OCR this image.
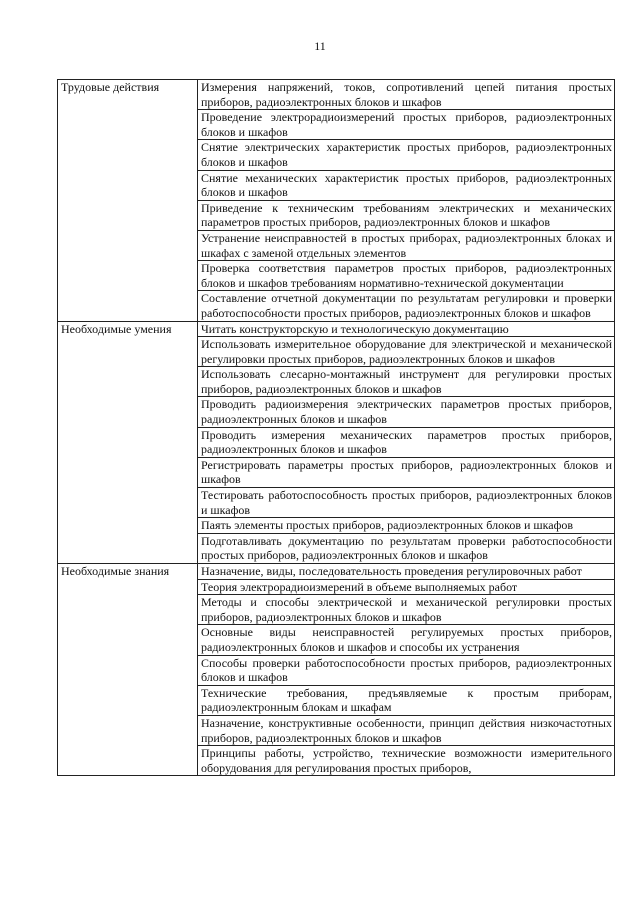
11
Трудовые действия	Измерения напряжений, токов, сопротивлений цепей питания простых приборов, радиоэлектронных блоков и шкафов
	Проведение электрорадиоизмерений простых приборов, радиоэлектронных блоков и шкафов
	Снятие электрических характеристик простых приборов, радиоэлектронных блоков и шкафов
	Снятие механических характеристик простых приборов, радиоэлектронных блоков и шкафов
	Приведение к техническим требованиям электрических и механических параметров простых приборов, радиоэлектронных блоков и шкафов
	Устранение неисправностей в простых приборах, радиоэлектронных блоках и шкафах с заменой отдельных элементов
	Проверка соответствия параметров простых приборов, радиоэлектронных блоков и шкафов требованиям нормативно-технической документации
	Составление отчетной документации по результатам регулировки и проверки работоспособности простых приборов, радиоэлектронных блоков и шкафов
Необходимые умения	Читать конструкторскую и технологическую документацию
	Использовать измерительное оборудование для электрической и механической регулировки простых приборов, радиоэлектронных блоков и шкафов
	Использовать слесарно-монтажный инструмент для регулировки простых приборов, радиоэлектронных блоков и шкафов
	Проводить радиоизмерения электрических параметров простых приборов, радиоэлектронных блоков и шкафов
	Проводить измерения механических параметров простых приборов, радиоэлектронных блоков и шкафов
	Регистрировать параметры простых приборов, радиоэлектронных блоков и шкафов
	Тестировать работоспособность простых приборов, радиоэлектронных блоков и шкафов
	Паять элементы простых приборов, радиоэлектронных блоков и шкафов
	Подготавливать документацию по результатам проверки работоспособности простых приборов, радиоэлектронных блоков и шкафов
Необходимые знания	Назначение, виды, последовательность проведения регулировочных работ
	Теория электрорадиоизмерений в объеме выполняемых работ
	Методы и способы электрической и механической регулировки простых приборов, радиоэлектронных блоков и шкафов
	Основные виды неисправностей регулируемых простых приборов, радиоэлектронных блоков и шкафов и способы их устранения
	Способы проверки работоспособности простых приборов, радиоэлектронных блоков и шкафов
	Технические требования, предъявляемые к простым приборам, радиоэлектронным блокам и шкафам
	Назначение, конструктивные особенности, принцип действия низкочастотных приборов, радиоэлектронных блоков и шкафов
	Принципы работы, устройство, технические возможности измерительного оборудования для регулирования простых приборов,
